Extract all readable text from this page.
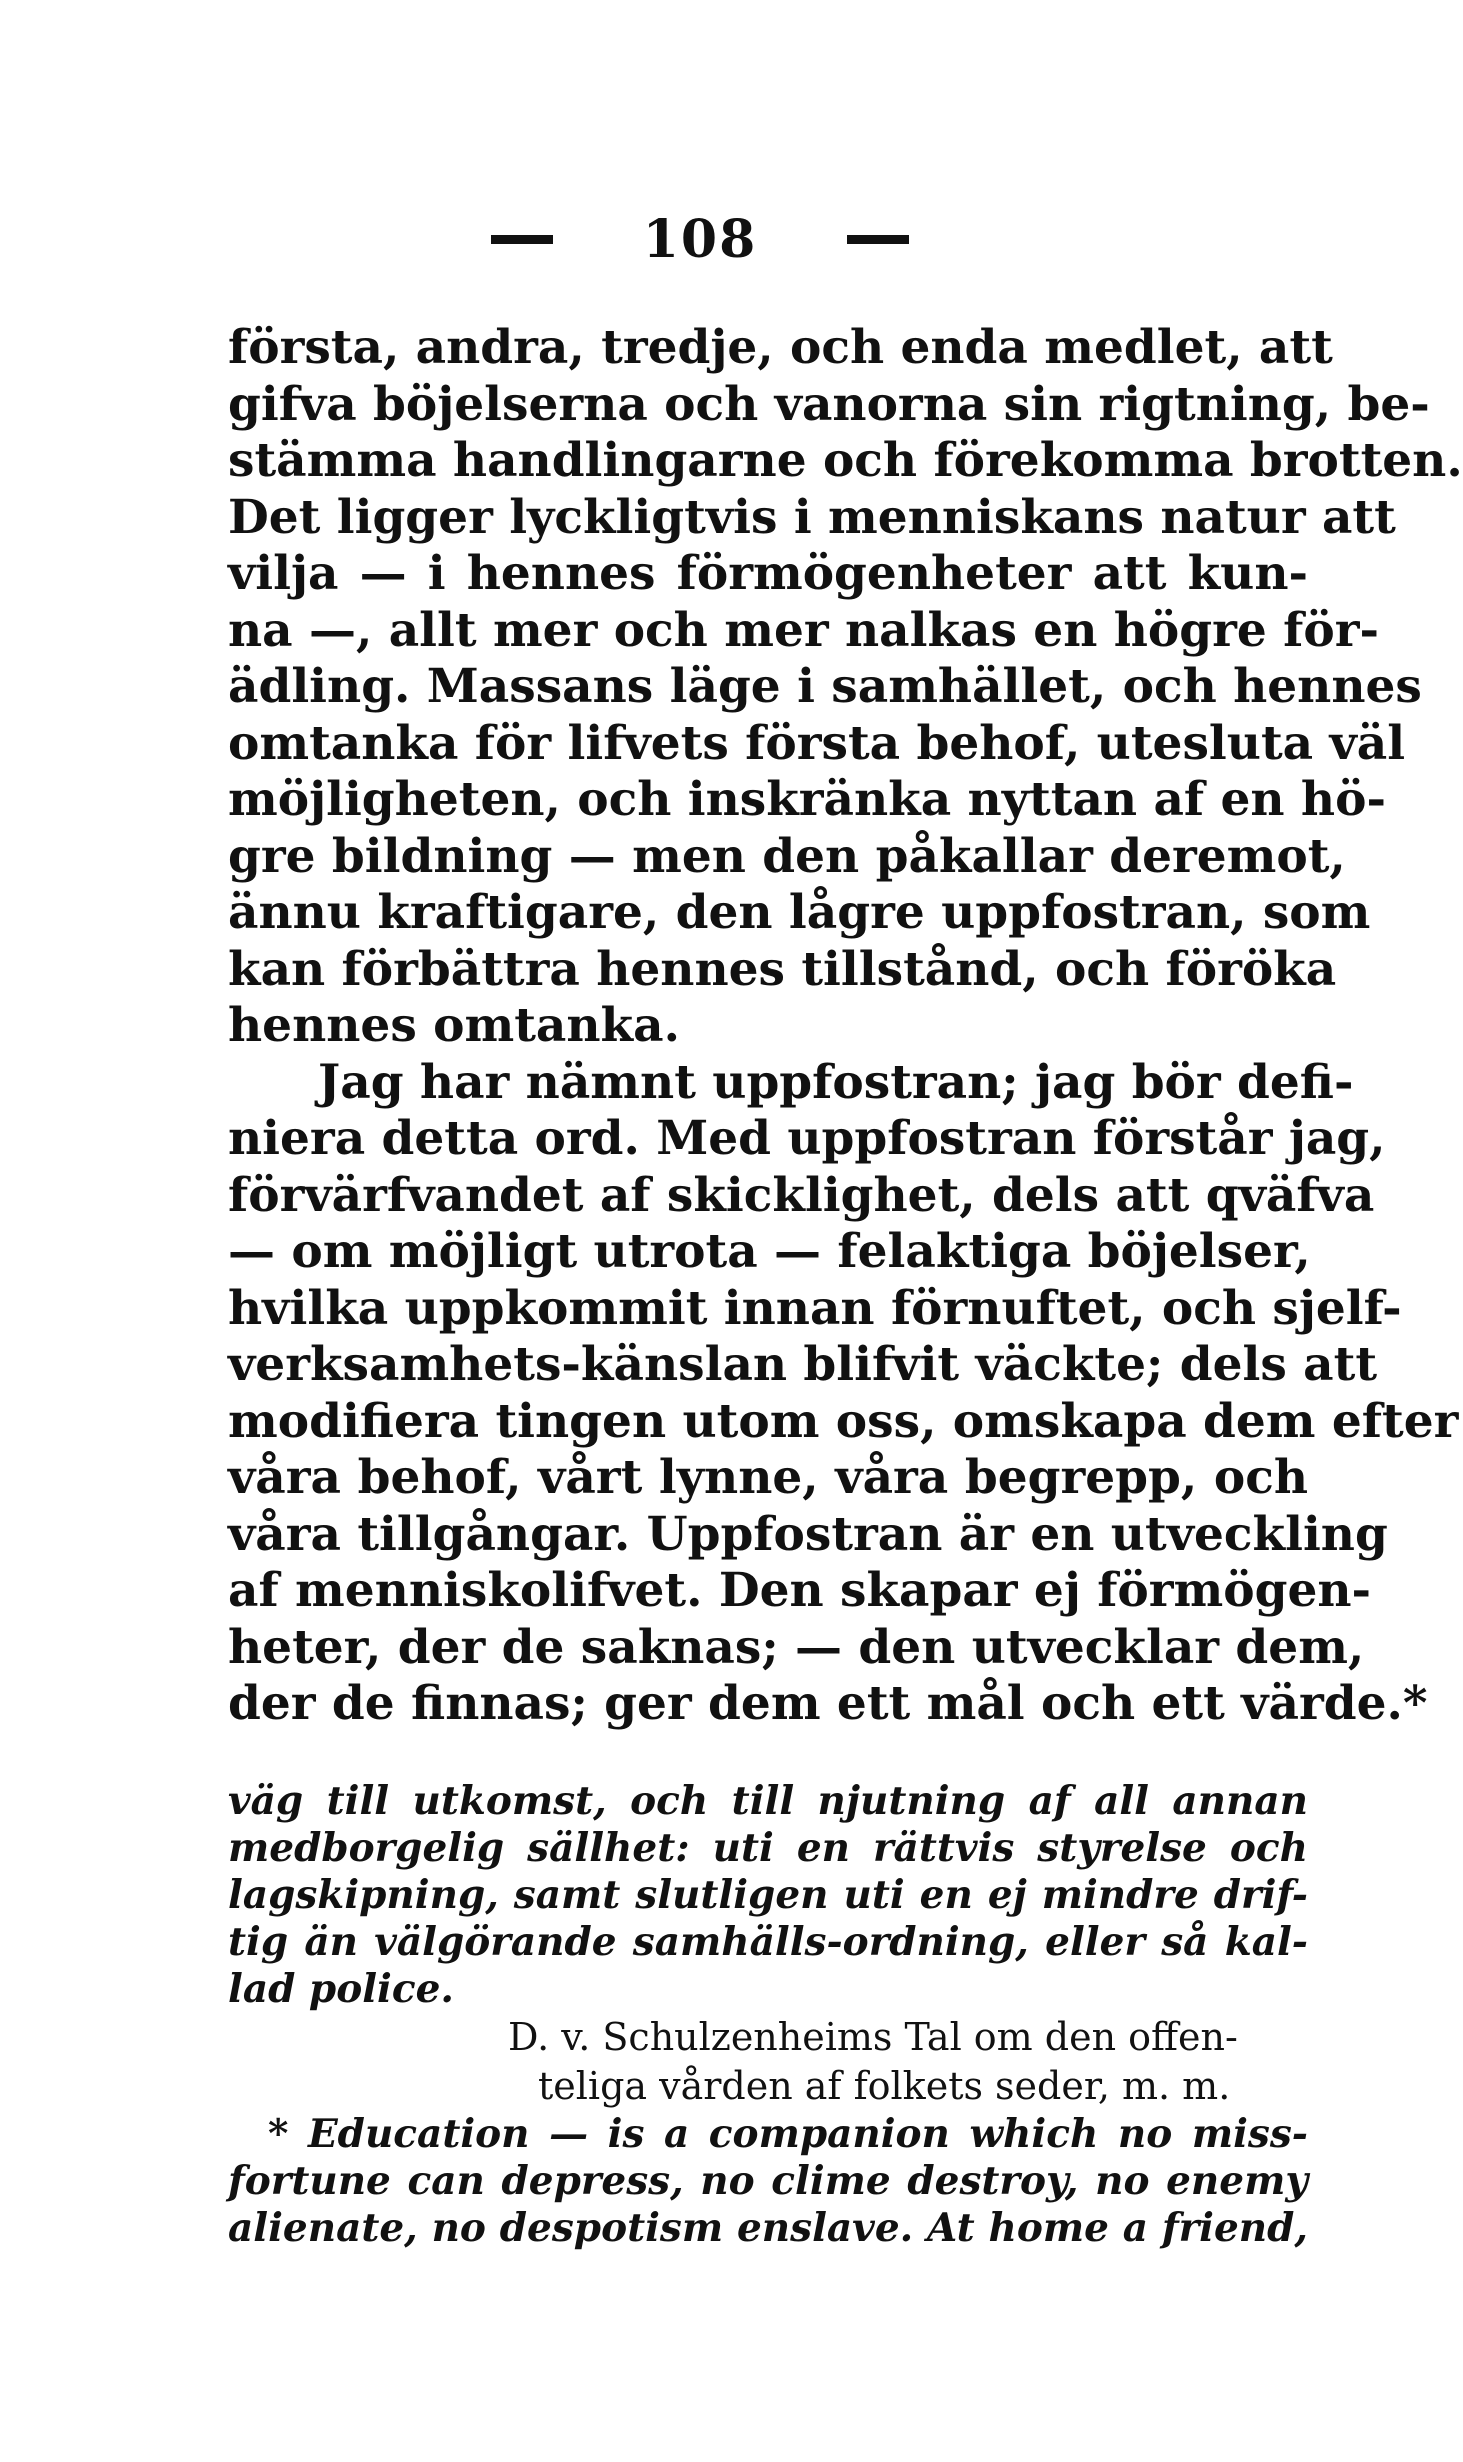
108
första, andra, tredje, och enda medlet, att
gifva böjelserna och vanorna sin rigtning, be-
stämma handlingarne och förekomma brotten.
Det ligger lyckligtvis i menniskans natur att
vilja — i hennes förmögenheter att kun-
na —, allt mer och mer nalkas en högre för-
ädling. Massans läge i samhället, och hennes
omtanka för lifvets första behof, utesluta väl
möjligheten, och inskränka nyttan af en hö-
gre bildning — men den påkallar deremot,
ännu kraftigare, den lågre uppfostran, som
kan förbättra hennes tillstånd, och föröka
hennes omtanka.
Jag har nämnt uppfostran; jag bör defi-
niera detta ord. Med uppfostran förstår jag,
förvärfvandet af skicklighet, dels att qväfva
— om möjligt utrota — felaktiga böjelser,
hvilka uppkommit innan förnuftet, och sjelf-
verksamhets-känslan blifvit väckte; dels att
modifiera tingen utom oss, omskapa dem efter
våra behof, vårt lynne, våra begrepp, och
våra tillgångar. Uppfostran är en utveckling
af menniskolifvet. Den skapar ej förmögen-
heter, der de saknas; — den utvecklar dem,
der de finnas; ger dem ett mål och ett värde.*
väg till utkomst, och till njutning af all annan
medborgelig sällhet: uti en rättvis styrelse och
lagskipning, samt slutligen uti en ej mindre drif-
tig än välgörande samhälls-ordning, eller så kal-
lad police.
D. v. Schulzenheims Tal om den offen-
teliga vården af folkets seder, m. m.
* Education — is a companion which no miss-
fortune can depress, no clime destroy, no enemy
alienate, no despotism enslave. At home a friend,
